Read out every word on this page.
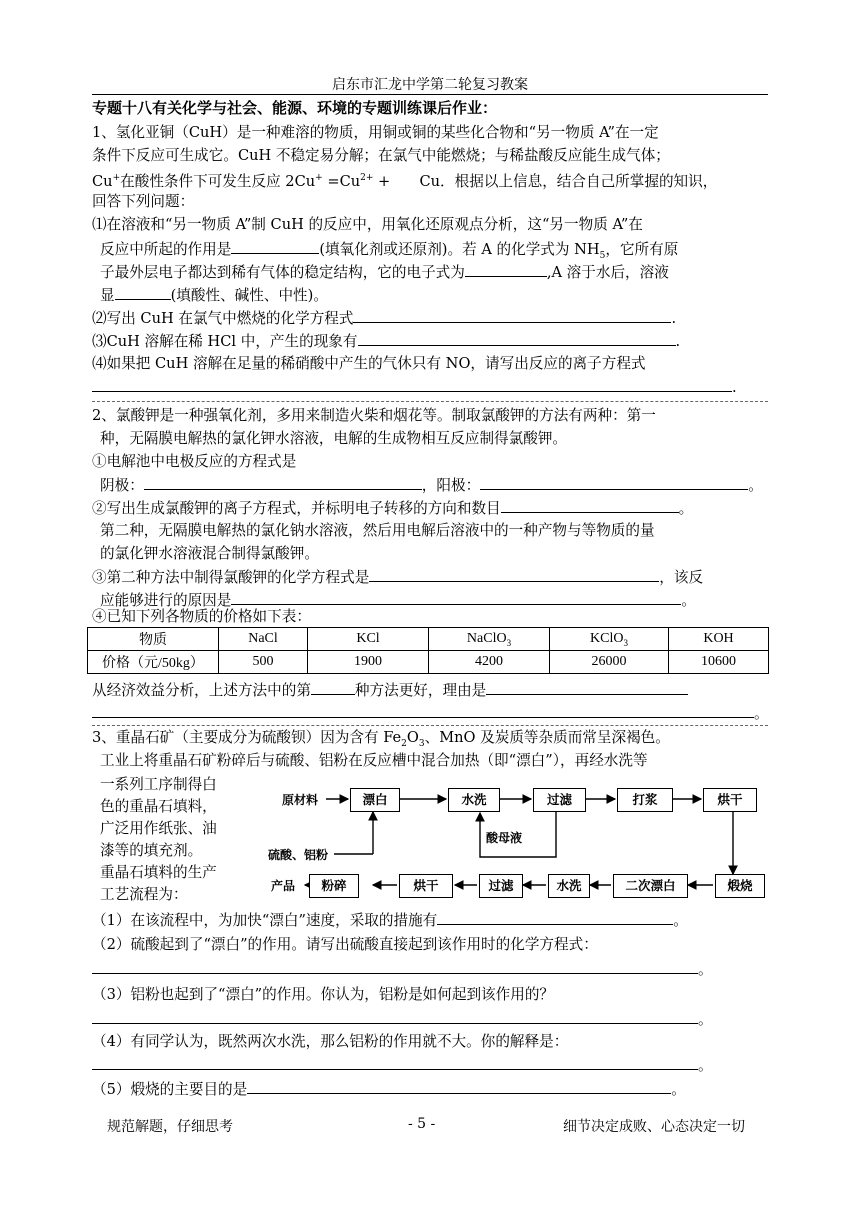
启东市汇龙中学第二轮复习教案
专题十八有关化学与社会、能源、环境的专题训练课后作业：
1、氢化亚铜（CuH）是一种难溶的物质，用铜或铜的某些化合物和“另一物质 A”在一定
条件下反应可生成它。CuH 不稳定易分解；在氯气中能燃烧；与稀盐酸反应能生成气体；
Cu+在酸性条件下可发生反应 $2Cu^+ =Cu^{2+}$ +　　Cu．根据以上信息，结合自己所掌握的知识，
回答下列问题：
⑴在溶液和“另一物质 A”制 CuH 的反应中，用氧化还原观点分析，这“另一物质 A”在
反应中所起的作用是	(填氧化剂或还原剂)。若 A 的化学式为 $NH_5$，它所有原
子最外层电子都达到稀有气体的稳定结构，它的电子式为	,A 溶于水后，溶液
显	(填酸性、碱性、中性)。
⑵写出 CuH 在氯气中燃烧的化学方程式	.
⑶CuH 溶解在稀 HCl 中，产生的现象有	.
⑷如果把 CuH 溶解在足量的稀硝酸中产生的气休只有 NO，请写出反应的离子方程式
.
2、氯酸钾是一种强氧化剂，多用来制造火柴和烟花等。制取氯酸钾的方法有两种：第一
种，无隔膜电解热的氯化钾水溶液，电解的生成物相互反应制得氯酸钾。
①电解池中电极反应的方程式是
阴极：	，阳极：	。
②写出生成氯酸钾的离子方程式，并标明电子转移的方向和数目	。
第二种，无隔膜电解热的氯化钠水溶液，然后用电解后溶液中的一种产物与等物质的量
的氯化钾水溶液混合制得氯酸钾。
③第二种方法中制得氯酸钾的化学方程式是	，该反
应能够进行的原因是	。
④已知下列各物质的价格如下表：
物质	NaCl	KCl	NaClO$_3$	KClO$_3$	KOH
价格（元/50kg）	500	1900	4200	26000	10600
从经济效益分析，上述方法中的第	种方法更好，理由是
。
3、重晶石矿（主要成分为硫酸钡）因为含有 $Fe_2O_3$、MnO 及炭质等杂质而常呈深褐色。
工业上将重晶石矿粉碎后与硫酸、铝粉在反应槽中混合加热（即“漂白”），再经水洗等
一系列工序制得白
色的重晶石填料，
广泛用作纸张、油
漆等的填充剂。
重晶石填料的生产
工艺流程为：
原材料
硫酸、铝粉
酸母液
产品
漂白	水洗	过滤	打浆	烘干
粉碎	烘干	过滤	水洗	二次漂白	煅烧
（1）在该流程中，为加快“漂白”速度，采取的措施有	。
（2）硫酸起到了“漂白”的作用。请写出硫酸直接起到该作用时的化学方程式：
。
（3）铝粉也起到了“漂白”的作用。你认为，铝粉是如何起到该作用的？
。
（4）有同学认为，既然两次水洗，那么铝粉的作用就不大。你的解释是：
。
（5）煅烧的主要目的是	。
规范解题，仔细思考	- 5 -	细节决定成败、心态决定一切
